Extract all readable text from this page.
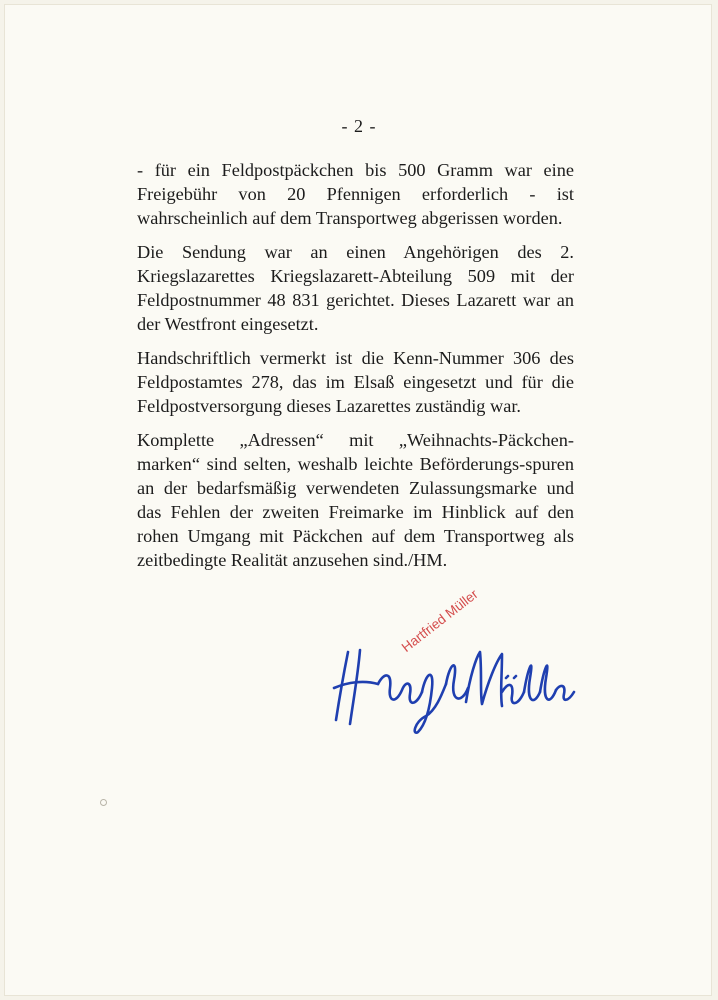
- 2 -

- für ein Feldpostpäckchen bis 500 Gramm war eine Freigebühr von 20 Pfennigen erforderlich - ist wahrscheinlich auf dem Transportweg abgerissen worden.

Die Sendung war an einen Angehörigen des 2. Kriegslazarettes Kriegslazarett-Abteilung 509 mit der Feldpostnummer 48 831 gerichtet. Dieses Lazarett war an der Westfront eingesetzt.

Handschriftlich vermerkt ist die Kenn-Nummer 306 des Feldpostamtes 278, das im Elsaß eingesetzt und für die Feldpostversorgung dieses Lazarettes zuständig war.

Komplette „Adressen“ mit „Weihnachts-Päckchen-marken“ sind selten, weshalb leichte Beförderungs-spuren an der bedarfsmäßig verwendeten Zulassungsmarke und das Fehlen der zweiten Freimarke im Hinblick auf den rohen Umgang mit Päckchen auf dem Transportweg als zeitbedingte Realität anzusehen sind./HM.

Hartfried Müller
